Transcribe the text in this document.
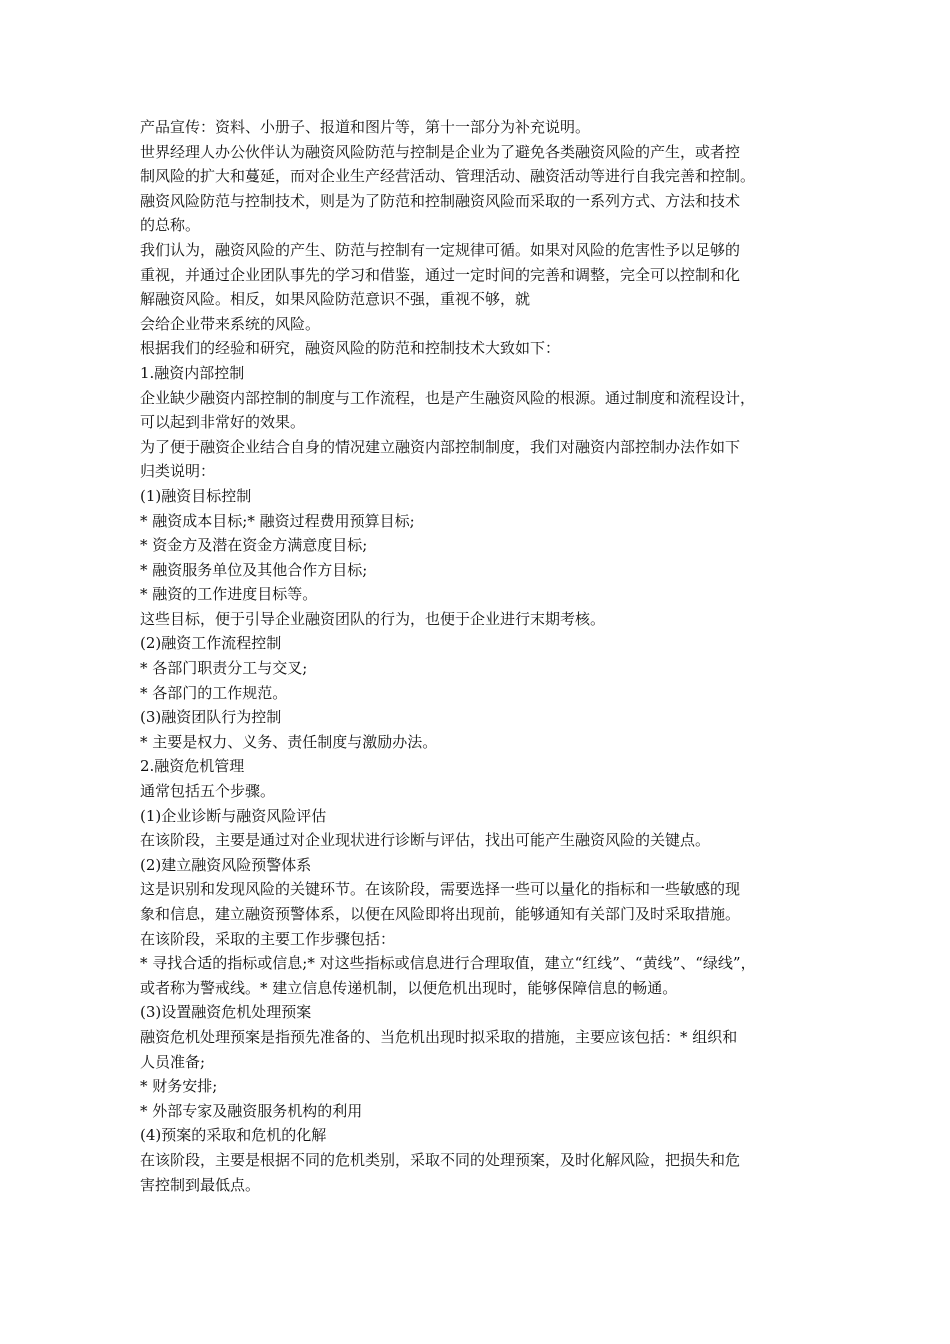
产品宣传：资料、小册子、报道和图片等，第十一部分为补充说明。
世界经理人办公伙伴认为融资风险防范与控制是企业为了避免各类融资风险的产生，或者控
制风险的扩大和蔓延，而对企业生产经营活动、管理活动、融资活动等进行自我完善和控制。
融资风险防范与控制技术，则是为了防范和控制融资风险而采取的一系列方式、方法和技术
的总称。
我们认为，融资风险的产生、防范与控制有一定规律可循。如果对风险的危害性予以足够的
重视，并通过企业团队事先的学习和借鉴，通过一定时间的完善和调整，完全可以控制和化
解融资风险。相反，如果风险防范意识不强，重视不够，就
会给企业带来系统的风险。
根据我们的经验和研究，融资风险的防范和控制技术大致如下：
1.融资内部控制
企业缺少融资内部控制的制度与工作流程，也是产生融资风险的根源。通过制度和流程设计，
可以起到非常好的效果。
为了便于融资企业结合自身的情况建立融资内部控制制度，我们对融资内部控制办法作如下
归类说明：
(1)融资目标控制
* 融资成本目标;* 融资过程费用预算目标;
* 资金方及潜在资金方满意度目标;
* 融资服务单位及其他合作方目标;
* 融资的工作进度目标等。
这些目标，便于引导企业融资团队的行为，也便于企业进行末期考核。
(2)融资工作流程控制
* 各部门职责分工与交叉;
* 各部门的工作规范。
(3)融资团队行为控制
* 主要是权力、义务、责任制度与激励办法。
2.融资危机管理
通常包括五个步骤。
(1)企业诊断与融资风险评估
在该阶段，主要是通过对企业现状进行诊断与评估，找出可能产生融资风险的关键点。
(2)建立融资风险预警体系
这是识别和发现风险的关键环节。在该阶段，需要选择一些可以量化的指标和一些敏感的现
象和信息，建立融资预警体系，以便在风险即将出现前，能够通知有关部门及时采取措施。
在该阶段，采取的主要工作步骤包括：
* 寻找合适的指标或信息;* 对这些指标或信息进行合理取值，建立“红线”、“黄线”、“绿线”，
或者称为警戒线。* 建立信息传递机制，以便危机出现时，能够保障信息的畅通。
(3)设置融资危机处理预案
融资危机处理预案是指预先准备的、当危机出现时拟采取的措施，主要应该包括：* 组织和
人员准备;
* 财务安排;
* 外部专家及融资服务机构的利用
(4)预案的采取和危机的化解
在该阶段，主要是根据不同的危机类别，采取不同的处理预案，及时化解风险，把损失和危
害控制到最低点。
